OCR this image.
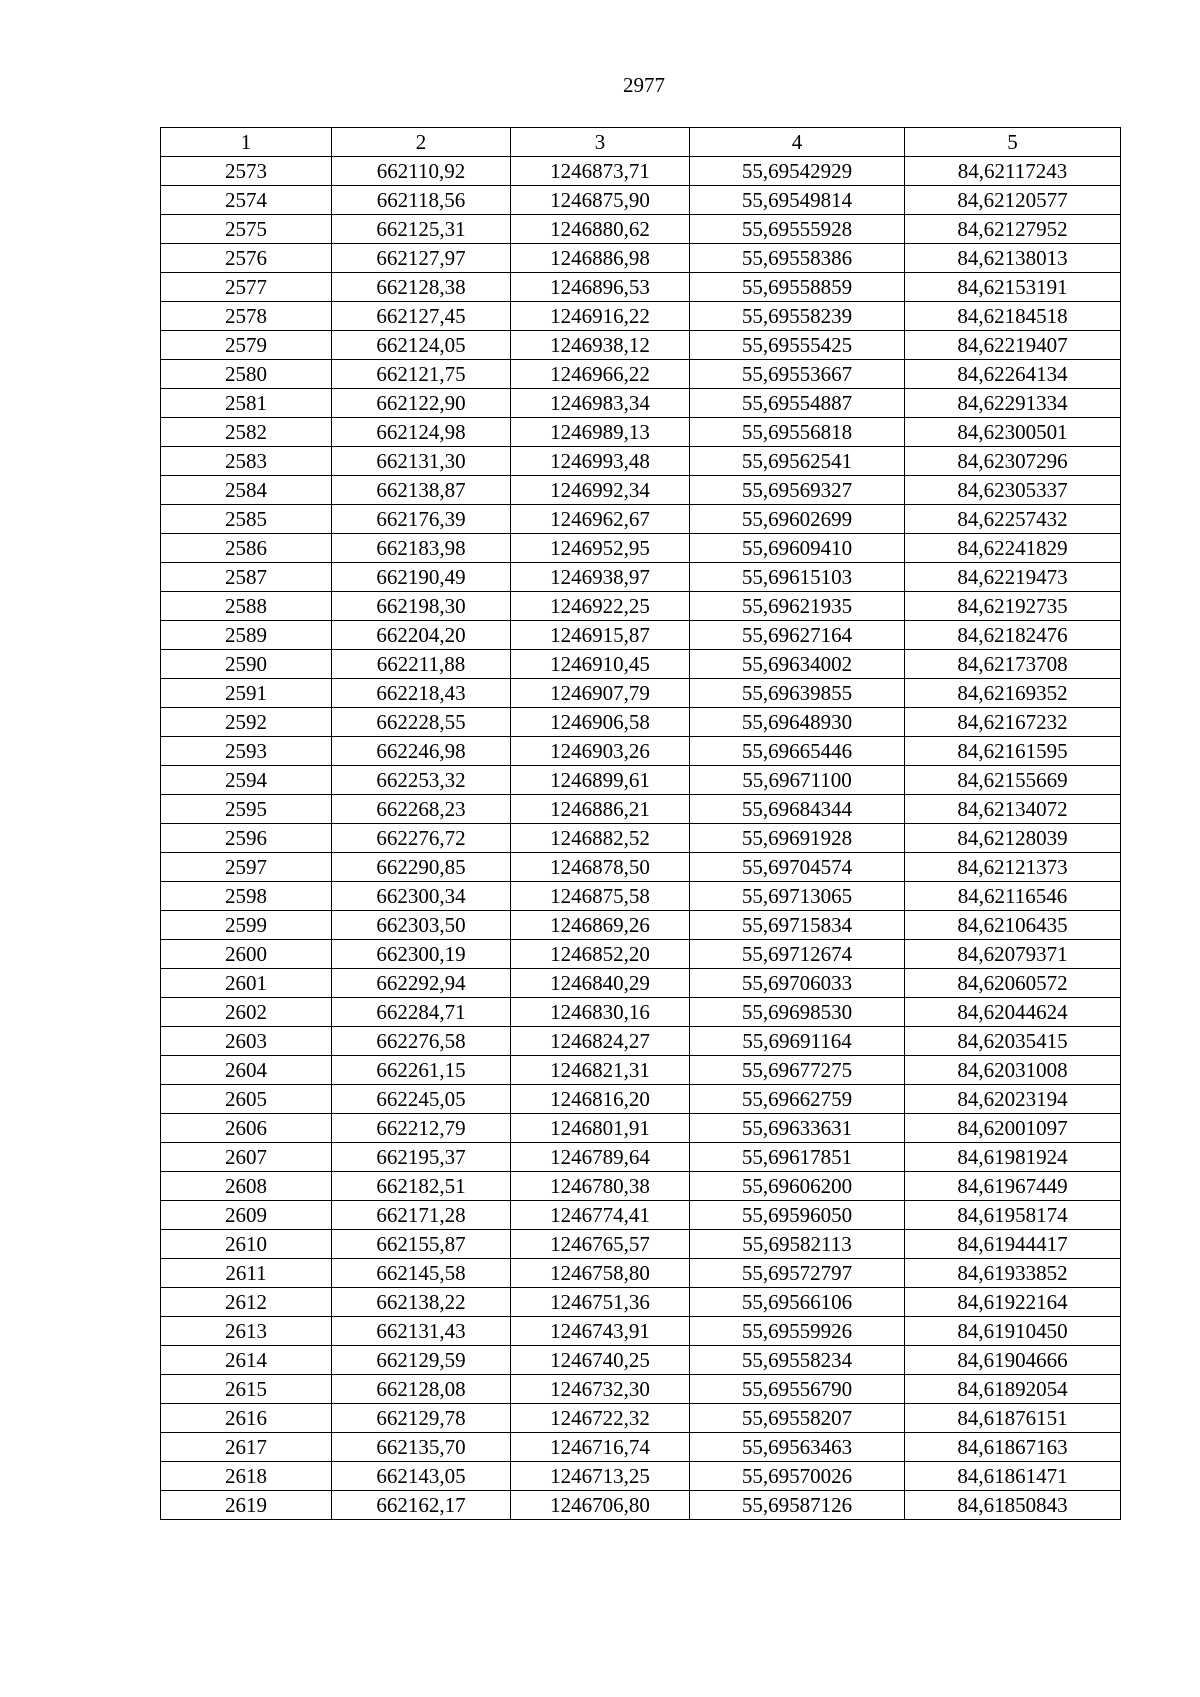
2977
1	2	3	4	5
2573	662110,92	1246873,71	55,69542929	84,62117243
2574	662118,56	1246875,90	55,69549814	84,62120577
2575	662125,31	1246880,62	55,69555928	84,62127952
2576	662127,97	1246886,98	55,69558386	84,62138013
2577	662128,38	1246896,53	55,69558859	84,62153191
2578	662127,45	1246916,22	55,69558239	84,62184518
2579	662124,05	1246938,12	55,69555425	84,62219407
2580	662121,75	1246966,22	55,69553667	84,62264134
2581	662122,90	1246983,34	55,69554887	84,62291334
2582	662124,98	1246989,13	55,69556818	84,62300501
2583	662131,30	1246993,48	55,69562541	84,62307296
2584	662138,87	1246992,34	55,69569327	84,62305337
2585	662176,39	1246962,67	55,69602699	84,62257432
2586	662183,98	1246952,95	55,69609410	84,62241829
2587	662190,49	1246938,97	55,69615103	84,62219473
2588	662198,30	1246922,25	55,69621935	84,62192735
2589	662204,20	1246915,87	55,69627164	84,62182476
2590	662211,88	1246910,45	55,69634002	84,62173708
2591	662218,43	1246907,79	55,69639855	84,62169352
2592	662228,55	1246906,58	55,69648930	84,62167232
2593	662246,98	1246903,26	55,69665446	84,62161595
2594	662253,32	1246899,61	55,69671100	84,62155669
2595	662268,23	1246886,21	55,69684344	84,62134072
2596	662276,72	1246882,52	55,69691928	84,62128039
2597	662290,85	1246878,50	55,69704574	84,62121373
2598	662300,34	1246875,58	55,69713065	84,62116546
2599	662303,50	1246869,26	55,69715834	84,62106435
2600	662300,19	1246852,20	55,69712674	84,62079371
2601	662292,94	1246840,29	55,69706033	84,62060572
2602	662284,71	1246830,16	55,69698530	84,62044624
2603	662276,58	1246824,27	55,69691164	84,62035415
2604	662261,15	1246821,31	55,69677275	84,62031008
2605	662245,05	1246816,20	55,69662759	84,62023194
2606	662212,79	1246801,91	55,69633631	84,62001097
2607	662195,37	1246789,64	55,69617851	84,61981924
2608	662182,51	1246780,38	55,69606200	84,61967449
2609	662171,28	1246774,41	55,69596050	84,61958174
2610	662155,87	1246765,57	55,69582113	84,61944417
2611	662145,58	1246758,80	55,69572797	84,61933852
2612	662138,22	1246751,36	55,69566106	84,61922164
2613	662131,43	1246743,91	55,69559926	84,61910450
2614	662129,59	1246740,25	55,69558234	84,61904666
2615	662128,08	1246732,30	55,69556790	84,61892054
2616	662129,78	1246722,32	55,69558207	84,61876151
2617	662135,70	1246716,74	55,69563463	84,61867163
2618	662143,05	1246713,25	55,69570026	84,61861471
2619	662162,17	1246706,80	55,69587126	84,61850843
